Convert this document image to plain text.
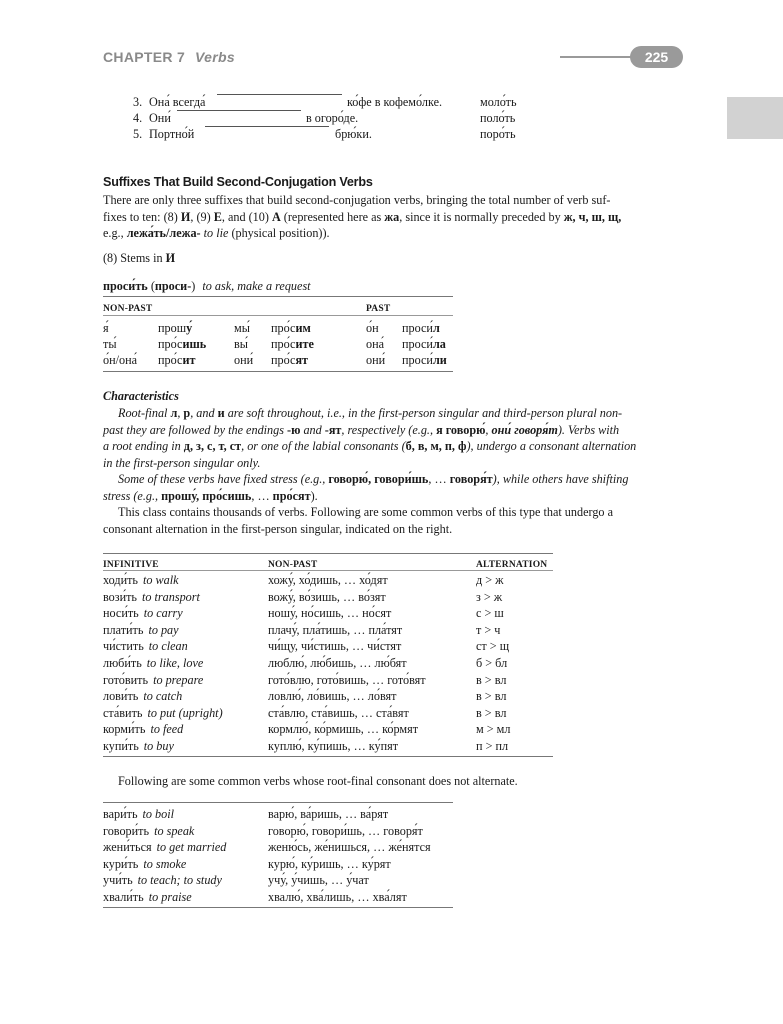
CHAPTER 7 Verbs	225
3. Она́ всегда́	ко́фе в кофемо́лке.	моло́ть
4. Они́	в огоро́де.	поло́ть
5. Портно́й	брю́ки.	поро́ть
Suffixes That Build Second-Conjugation Verbs
There are only three suffixes that build second-conjugation verbs, bringing the total number of verb suf-
fixes to ten: (8) И, (9) Е, and (10) А (represented here as жа, since it is normally preceded by ж, ч, ш, щ,
e.g., лежа́ть/лежа- to lie (physical position)).
(8) Stems in И
проси́ть (проси-) to ask, make a request
NON-PAST	PAST
я́	прошу́	мы́ про́сим	о́н проси́л
ты́	про́сишь вы́ про́сите	она́ проси́ла
о́н/она́ про́сит	они́ про́сят	они́ проси́ли
Characteristics
Root-final л, р, and и are soft throughout, i.e., in the first-person singular and third-person plural non-
past they are followed by the endings -ю and -ят, respectively (e.g., я говорю́, они́ говоря́т). Verbs with
a root ending in д, з, с, т, ст, or one of the labial consonants (б, в, м, п, ф), undergo a consonant alternation
in the first-person singular only.
Some of these verbs have fixed stress (e.g., говорю́, говори́шь, … говоря́т), while others have shifting
stress (e.g., прошу́, про́сишь, … про́сят).
This class contains thousands of verbs. Following are some common verbs of this type that undergo a
consonant alternation in the first-person singular, indicated on the right.
INFINITIVE	NON-PAST	ALTERNATION
ходи́ть to walk	хожу́, хо́дишь, … хо́дят	д > ж
вози́ть to transport	вожу́, во́зишь, … во́зят	з > ж
носи́ть to carry	ношу́, но́сишь, … но́сят	с > ш
плати́ть to pay	плачу́, пла́тишь, … пла́тят	т > ч
чи́стить to clean	чи́щу, чи́стишь, … чи́стят	ст > щ
люби́ть to like, love	люблю́, лю́бишь, … лю́бят	б > бл
гото́вить to prepare	гото́влю, гото́вишь, … гото́вят	в > вл
лови́ть to catch	ловлю́, ло́вишь, … ло́вят	в > вл
ста́вить to put (upright)	ста́влю, ста́вишь, … ста́вят	в > вл
корми́ть to feed	кормлю́, ко́рмишь, … ко́рмят	м > мл
купи́ть to buy	куплю́, ку́пишь, … ку́пят	п > пл
Following are some common verbs whose root-final consonant does not alternate.
вари́ть to boil	варю́, ва́ришь, … ва́рят
говори́ть to speak	говорю́, говори́шь, … говоря́т
жени́ться to get married	женю́сь, же́нишься, … же́нятся
кури́ть to smoke	курю́, ку́ришь, … ку́рят
учи́ть to teach; to study	учу́, у́чишь, … у́чат
хвали́ть to praise	хвалю́, хва́лишь, … хва́лят
